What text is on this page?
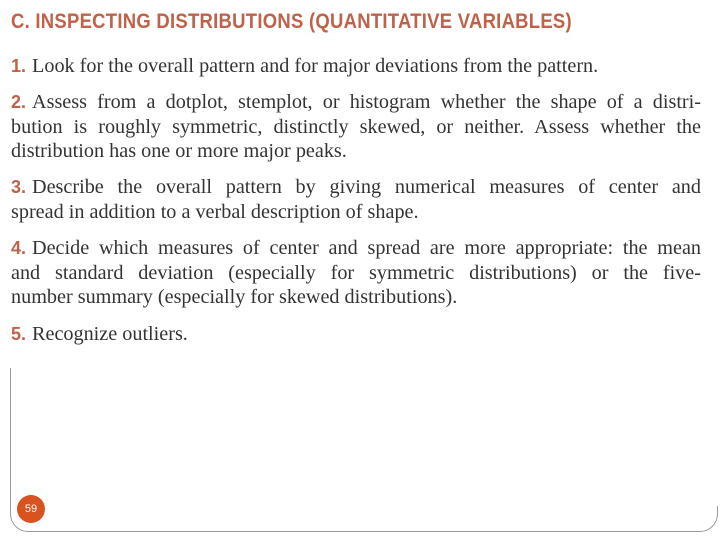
C. INSPECTING DISTRIBUTIONS (QUANTITATIVE VARIABLES)
1. Look for the overall pattern and for major deviations from the pattern.
2. Assess from a dotplot, stemplot, or histogram whether the shape of a distri-
bution is roughly symmetric, distinctly skewed, or neither. Assess whether the
distribution has one or more major peaks.
3. Describe the overall pattern by giving numerical measures of center and
spread in addition to a verbal description of shape.
4. Decide which measures of center and spread are more appropriate: the mean
and standard deviation (especially for symmetric distributions) or the five-
number summary (especially for skewed distributions).
5. Recognize outliers.
59
